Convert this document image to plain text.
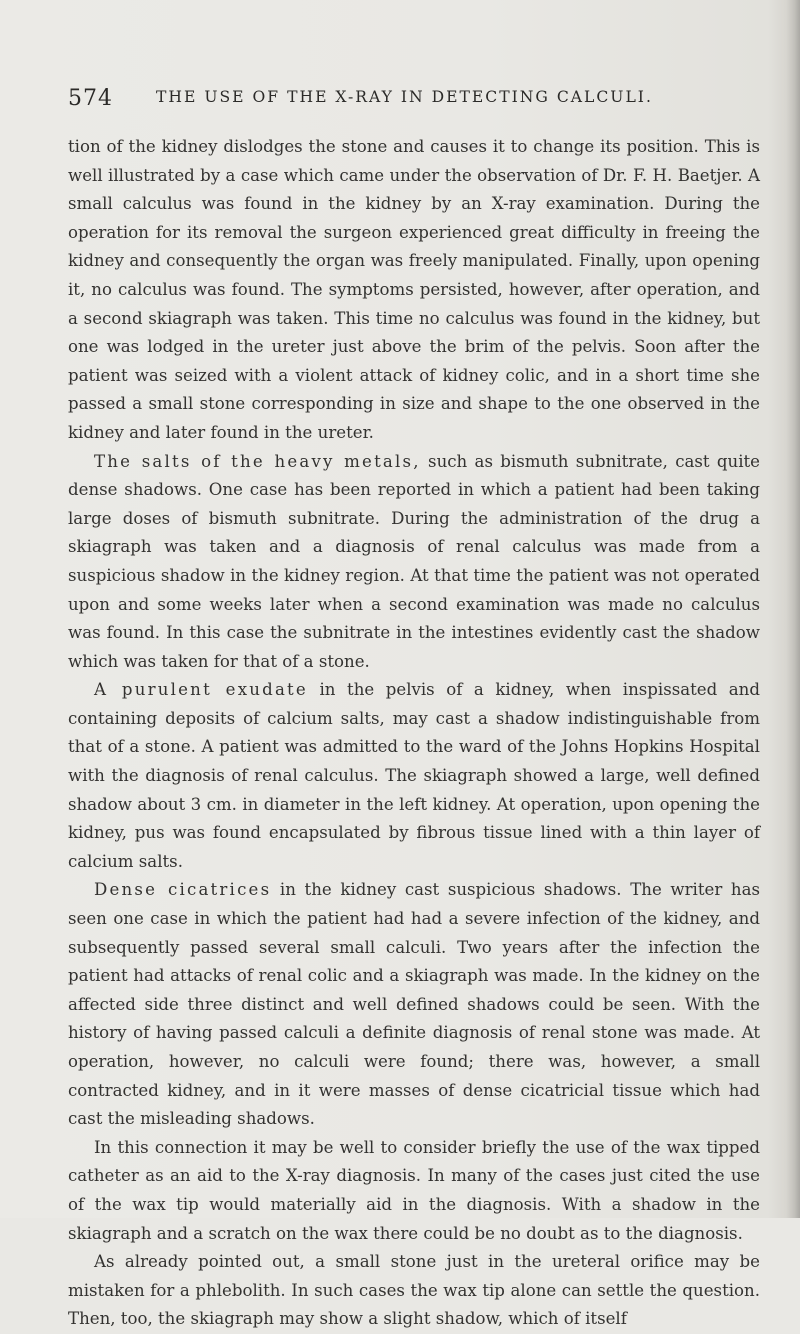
574	THE USE OF THE X-RAY IN DETECTING CALCULI.

tion of the kidney dislodges the stone and causes it to change its position. This is well illustrated by a case which came under the observation of Dr. F. H. Baetjer. A small calculus was found in the kidney by an X-ray examination. During the operation for its removal the surgeon experienced great difficulty in freeing the kidney and consequently the organ was freely manipulated. Finally, upon opening it, no calculus was found. The symptoms persisted, however, after operation, and a second skiagraph was taken. This time no calculus was found in the kidney, but one was lodged in the ureter just above the brim of the pelvis. Soon after the patient was seized with a violent attack of kidney colic, and in a short time she passed a small stone corresponding in size and shape to the one observed in the kidney and later found in the ureter.

The salts of the heavy metals, such as bismuth subnitrate, cast quite dense shadows. One case has been reported in which a patient had been taking large doses of bismuth subnitrate. During the administration of the drug a skiagraph was taken and a diagnosis of renal calculus was made from a suspicious shadow in the kidney region. At that time the patient was not operated upon and some weeks later when a second examination was made no calculus was found. In this case the subnitrate in the intestines evidently cast the shadow which was taken for that of a stone.

A purulent exudate in the pelvis of a kidney, when inspissated and containing deposits of calcium salts, may cast a shadow indistinguishable from that of a stone. A patient was admitted to the ward of the Johns Hopkins Hospital with the diagnosis of renal calculus. The skiagraph showed a large, well defined shadow about 3 cm. in diameter in the left kidney. At operation, upon opening the kidney, pus was found encapsulated by fibrous tissue lined with a thin layer of calcium salts.

Dense cicatrices in the kidney cast suspicious shadows. The writer has seen one case in which the patient had had a severe infection of the kidney, and subsequently passed several small calculi. Two years after the infection the patient had attacks of renal colic and a skiagraph was made. In the kidney on the affected side three distinct and well defined shadows could be seen. With the history of having passed calculi a definite diagnosis of renal stone was made. At operation, however, no calculi were found; there was, however, a small contracted kidney, and in it were masses of dense cicatricial tissue which had cast the misleading shadows.

In this connection it may be well to consider briefly the use of the wax tipped catheter as an aid to the X-ray diagnosis. In many of the cases just cited the use of the wax tip would materially aid in the diagnosis. With a shadow in the skiagraph and a scratch on the wax there could be no doubt as to the diagnosis.

As already pointed out, a small stone just in the ureteral orifice may be mistaken for a phlebolith. In such cases the wax tip alone can settle the question. Then, too, the skiagraph may show a slight shadow, which of itself
